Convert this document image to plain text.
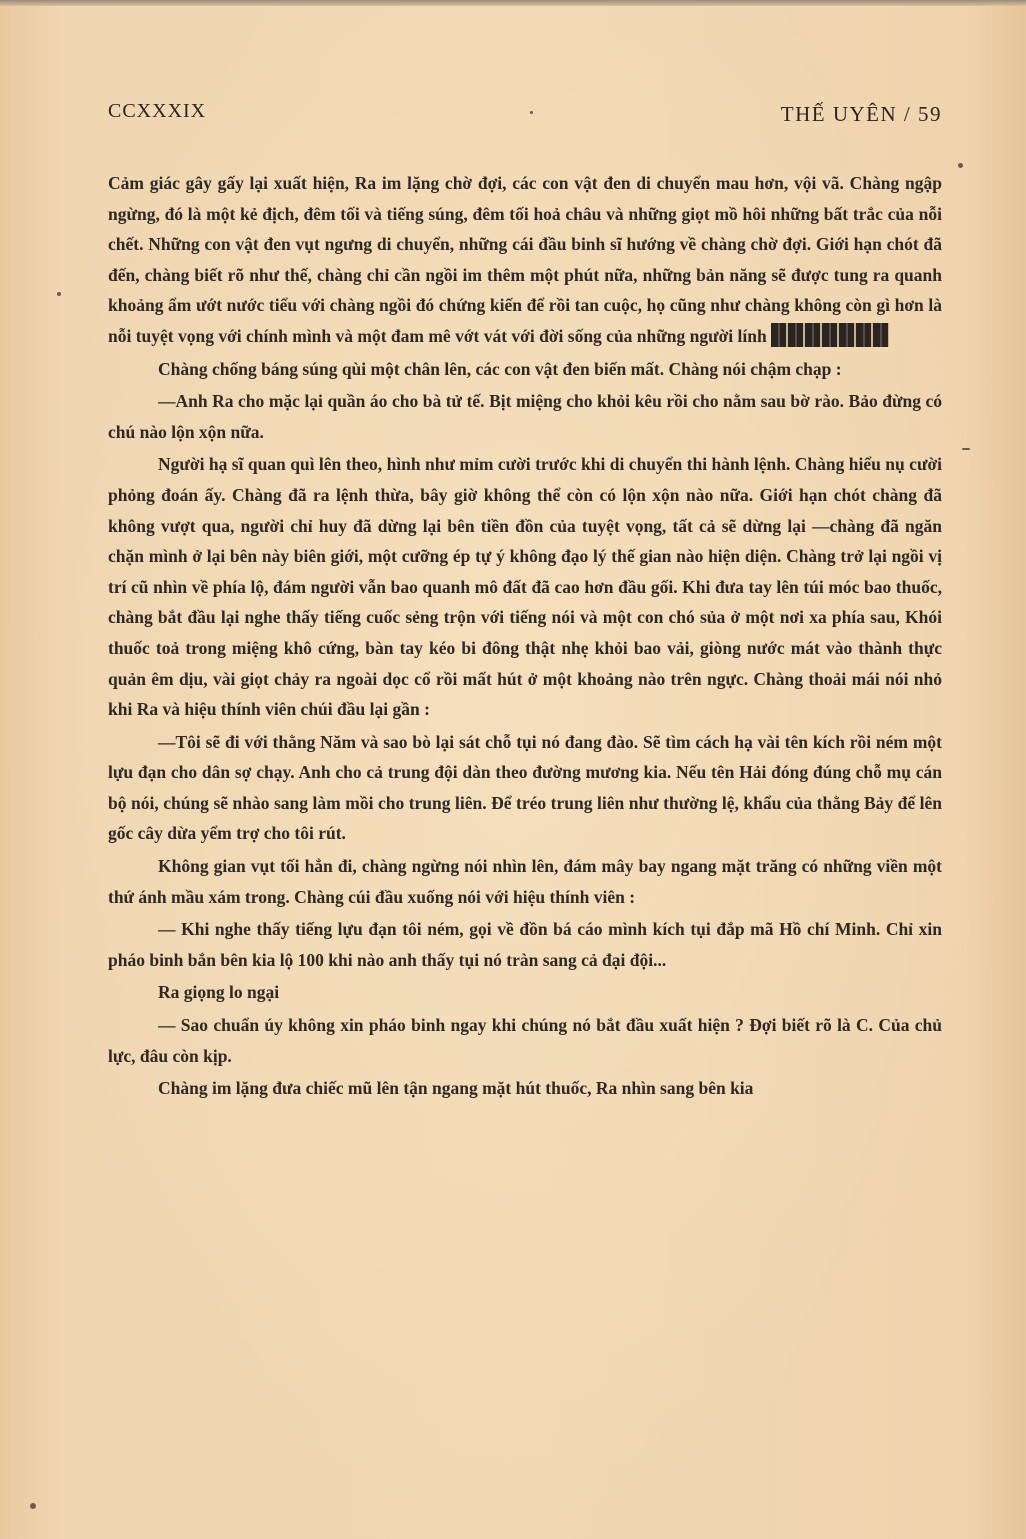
CCXXXIX	THẾ UYÊN / 59

Cảm giác gây gấy lại xuất hiện, Ra im lặng chờ đợi, các con vật đen di chuyển mau hơn, vội vã. Chàng ngập ngừng, đó là một kẻ địch, đêm tối và tiếng súng, đêm tối hoả châu và những giọt mồ hôi những bất trắc của nỗi chết. Những con vật đen vụt ngưng di chuyển, những cái đầu binh sĩ hướng về chàng chờ đợi. Giới hạn chót đã đến, chàng biết rõ như thế, chàng chỉ cần ngồi im thêm một phút nữa, những bản năng sẽ được tung ra quanh khoảng ẩm ướt nước tiểu với chàng ngồi đó chứng kiến để rồi tan cuộc, họ cũng như chàng không còn gì hơn là nỗi tuyệt vọng với chính mình và một đam mê vớt vát với đời sống của những người lính

Chàng chống báng súng qùi một chân lên, các con vật đen biến mất. Chàng nói chậm chạp :

—Anh Ra cho mặc lại quần áo cho bà tử tế. Bịt miệng cho khỏi kêu rồi cho nằm sau bờ rào. Bảo đừng có chú nào lộn xộn nữa.

Người hạ sĩ quan quì lên theo, hình như mỉm cười trước khi di chuyển thi hành lệnh. Chàng hiểu nụ cười phỏng đoán ấy. Chàng đã ra lệnh thừa, bây giờ không thể còn có lộn xộn nào nữa. Giới hạn chót chàng đã không vượt qua, người chỉ huy đã dừng lại bên tiền đồn của tuyệt vọng, tất cả sẽ dừng lại —chàng đã ngăn chặn mình ở lại bên này biên giới, một cưỡng ép tự ý không đạo lý thế gian nào hiện diện. Chàng trở lại ngồi vị trí cũ nhìn về phía lộ, đám người vẫn bao quanh mô đất đã cao hơn đầu gối. Khi đưa tay lên túi móc bao thuốc, chàng bắt đầu lại nghe thấy tiếng cuốc sẻng trộn với tiếng nói và một con chó sủa ở một nơi xa phía sau, Khói thuốc toả trong miệng khô cứng, bàn tay kéo bi đông thật nhẹ khỏi bao vải, giòng nước mát vào thành thực quản êm dịu, vài giọt chảy ra ngoài dọc cổ rồi mất hút ở một khoảng nào trên ngực. Chàng thoải mái nói nhỏ khi Ra và hiệu thính viên chúi đầu lại gần :

—Tôi sẽ đi với thằng Năm và sao bò lại sát chỗ tụi nó đang đào. Sẽ tìm cách hạ vài tên kích rồi ném một lựu đạn cho dân sợ chạy. Anh cho cả trung đội dàn theo đường mương kia. Nếu tên Hải đóng đúng chỗ mụ cán bộ nói, chúng sẽ nhào sang làm mồi cho trung liên. Để tréo trung liên như thường lệ, khẩu của thằng Bảy để lên gốc cây dừa yểm trợ cho tôi rút.

Không gian vụt tối hẳn đi, chàng ngừng nói nhìn lên, đám mây bay ngang mặt trăng có những viền một thứ ánh mầu xám trong. Chàng cúi đầu xuống nói với hiệu thính viên :

— Khi nghe thấy tiếng lựu đạn tôi ném, gọi về đồn bá cáo mình kích tụi đắp mã Hồ chí Minh. Chỉ xin pháo binh bắn bên kia lộ 100 khi nào anh thấy tụi nó tràn sang cả đại đội...

Ra giọng lo ngại

— Sao chuẩn úy không xin pháo binh ngay khi chúng nó bắt đầu xuất hiện ? Đợi biết rõ là C. Của chủ lực, đâu còn kịp.

Chàng im lặng đưa chiếc mũ lên tận ngang mặt hút thuốc, Ra nhìn sang bên kia
